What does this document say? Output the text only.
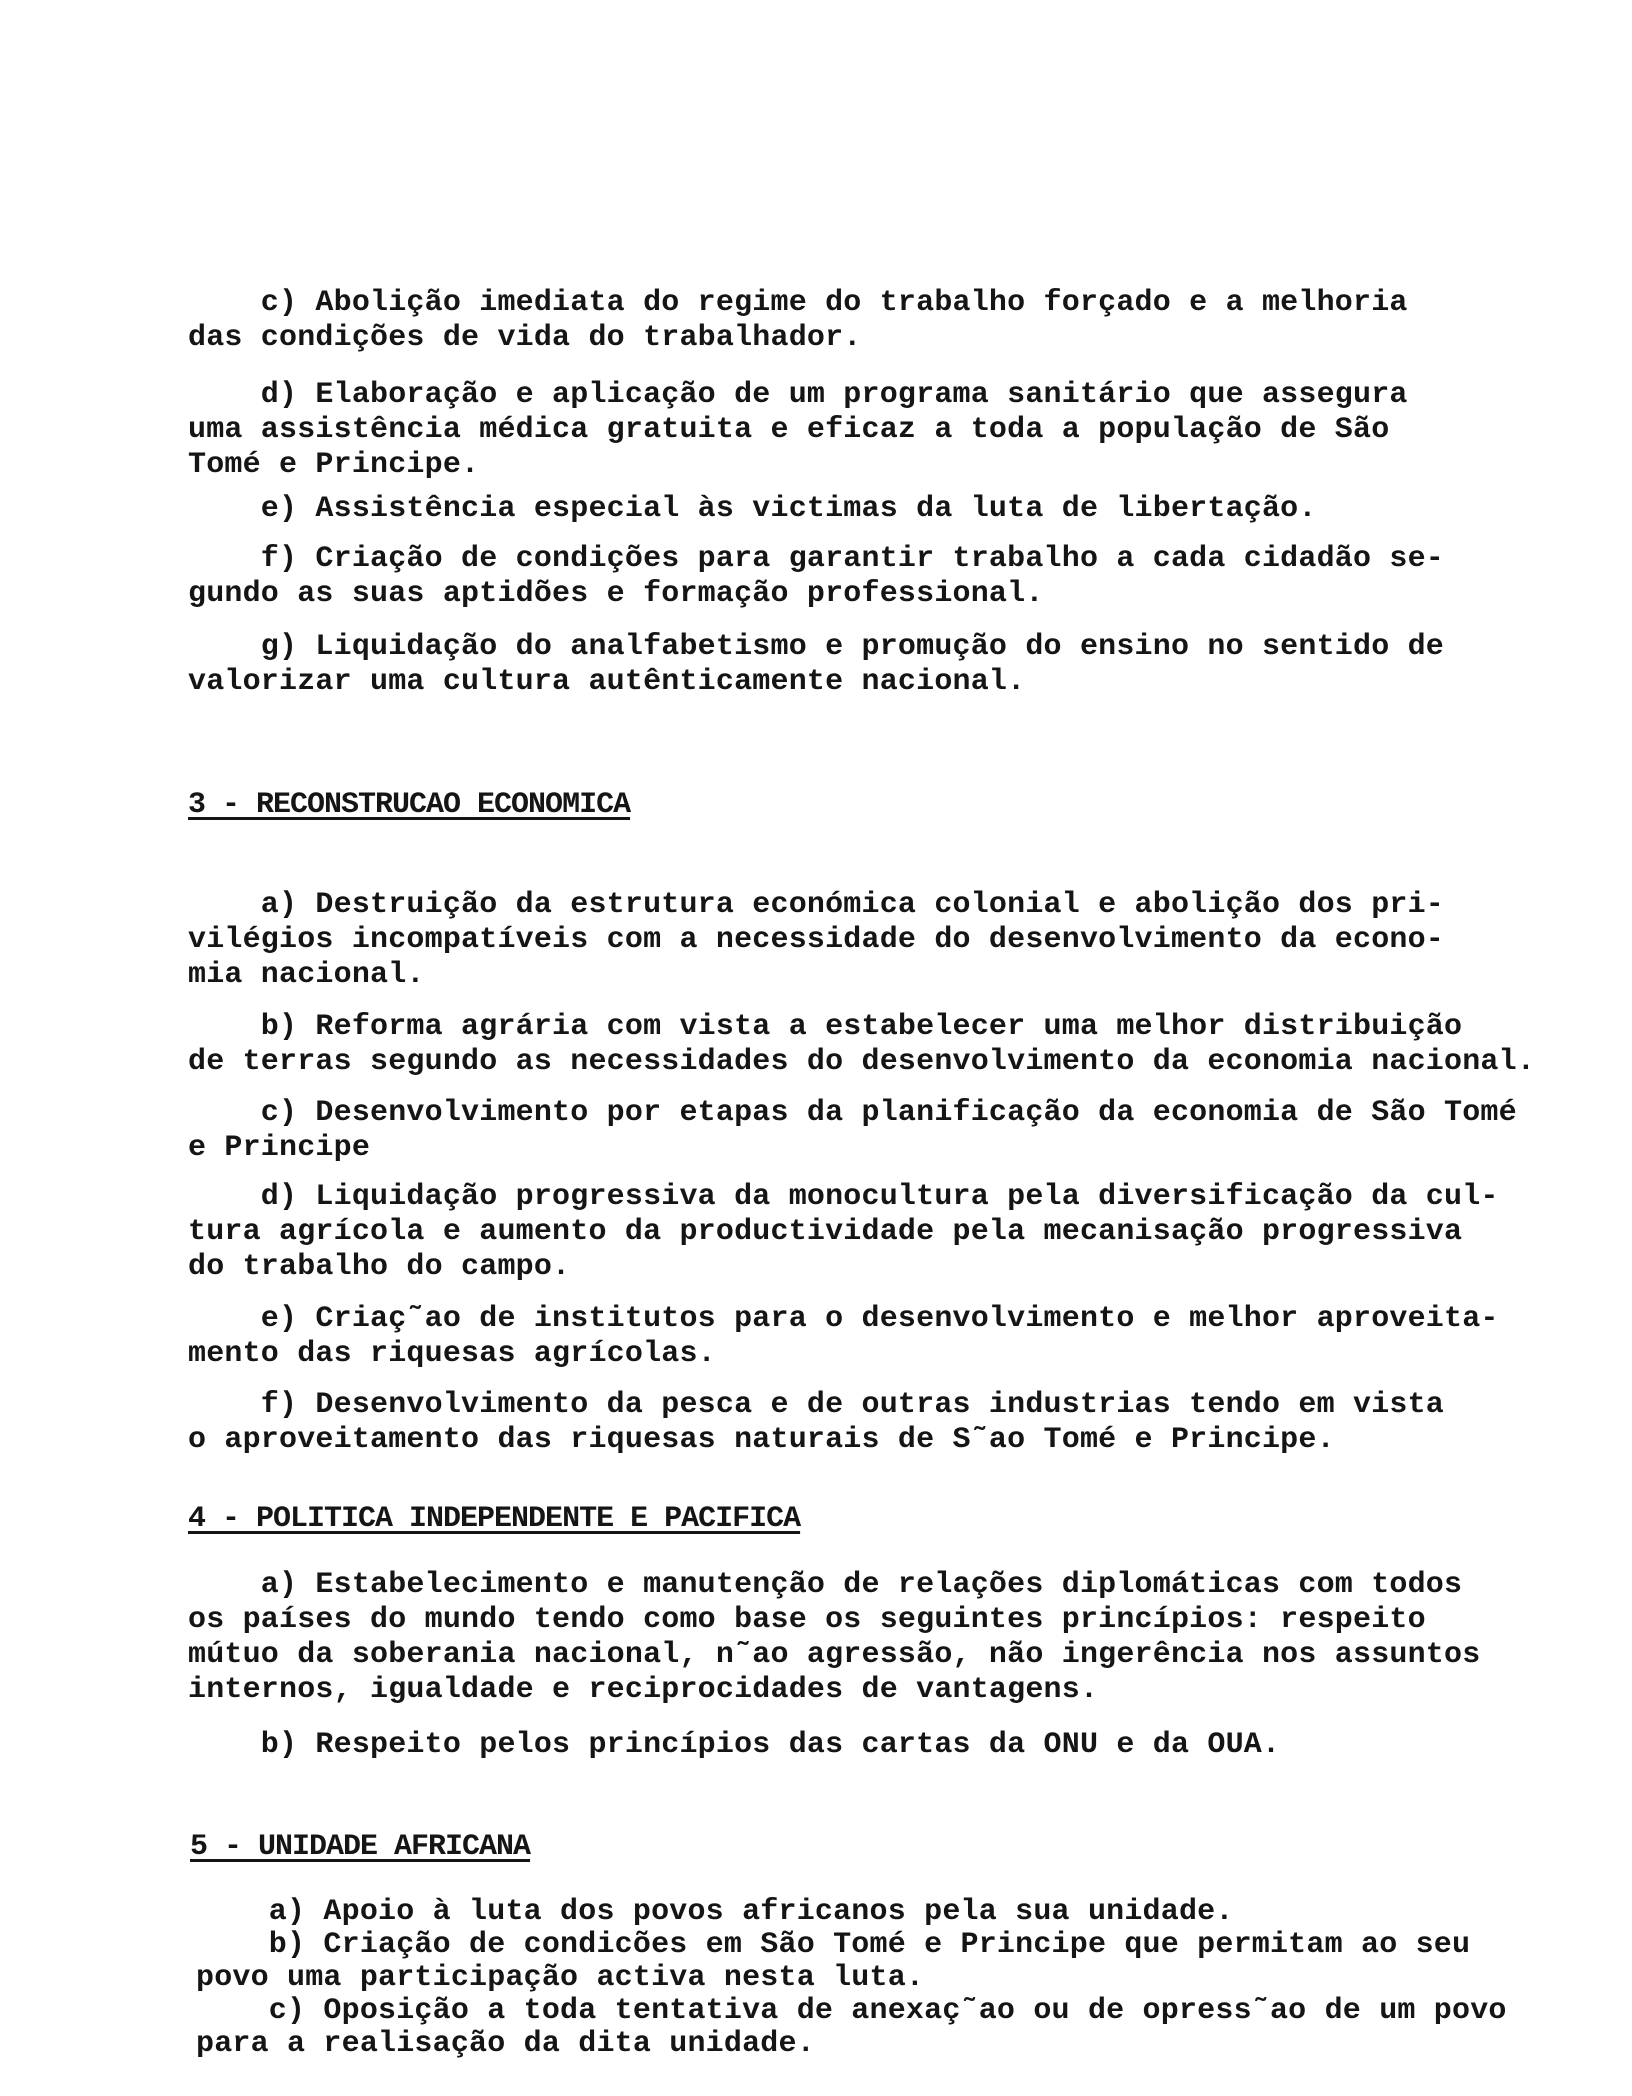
c) Abolição imediata do regime do trabalho forçado e a melhoria
das condições de vida do trabalhador.

d) Elaboração e aplicação de um programa sanitário que assegura
uma assistência médica gratuita e eficaz a toda a população de São
Tomé e Principe.

e) Assistência especial às victimas da luta de libertação.

f) Criação de condições para garantir trabalho a cada cidadão se-
gundo as suas aptidões e formação professional.

g) Liquidação do analfabetismo e promução do ensino no sentido de
valorizar uma cultura autênticamente nacional.

3 - RECONSTRUCAO ECONOMICA

a) Destruição da estrutura económica colonial e abolição dos pri-
vilégios incompatíveis com a necessidade do desenvolvimento da econo-
mia nacional.

b) Reforma agrária com vista a estabelecer uma melhor distribuição
de terras segundo as necessidades do desenvolvimento da economia nacional.

c) Desenvolvimento por etapas da planificação da economia de São Tomé
e Principe

d) Liquidação progressiva da monocultura pela diversificação da cul-
tura agrícola e aumento da productividade pela mecanisação progressiva
do trabalho do campo.

e) Criaç˜ao de institutos para o desenvolvimento e melhor aproveita-
mento das riquesas agrícolas.

f) Desenvolvimento da pesca e de outras industrias tendo em vista
o aproveitamento das riquesas naturais de S˜ao Tomé e Principe.

4 - POLITICA INDEPENDENTE E PACIFICA

a) Estabelecimento e manutenção de relações diplomáticas com todos
os países do mundo tendo como base os seguintes princípios: respeito
mútuo da soberania nacional, n˜ao agressão, não ingerência nos assuntos
internos, igualdade e reciprocidades de vantagens.

b) Respeito pelos princípios das cartas da ONU e da OUA.

5 - UNIDADE AFRICANA

a) Apoio à luta dos povos africanos pela sua unidade.
b) Criação de condicões em São Tomé e Principe que permitam ao seu
povo uma participação activa nesta luta.
c) Oposição a toda tentativa de anexaç˜ao ou de opress˜ao de um povo
para a realisação da dita unidade.
